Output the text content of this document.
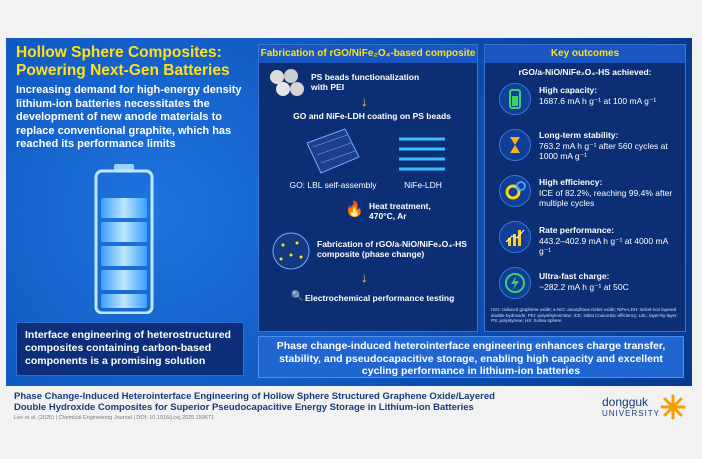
Hollow Sphere Composites:
Powering Next-Gen Batteries
Increasing demand for high-energy density lithium-ion batteries necessitates the development of new anode materials to replace conventional graphite, which has reached its performance limits
Interface engineering of heterostructured composites containing carbon-based components is a promising solution
Fabrication of rGO/NiFe₂O₄-based composite
PS beads functionalization with PEI
↓
GO and NiFe-LDH coating on PS beads
GO: LBL self-assembly	NiFe-LDH
🔥 Heat treatment, 470°C, Ar
Fabrication of rGO/a-NiO/NiFe₂O₄-HS composite (phase change)
↓
🔍 Electrochemical performance testing
Key outcomes
rGO/a-NiO/NiFe₂O₄-HS achieved:
High capacity:
1687.6 mA h g⁻¹ at 100 mA g⁻¹
Long-term stability:
763.2 mA h g⁻¹ after 560 cycles at 1000 mA g⁻¹
High efficiency:
ICE of 82.2%, reaching 99.4% after multiple cycles
Rate performance:
443.2–402.9 mA h g⁻¹ at 4000 mA g⁻¹
Ultra-fast charge:
~282.2 mA h g⁻¹ at 50C
rGO: reduced graphene oxide; a-NiO: amorphous nickel oxide; NiFe-LDH: nickel-iron layered double hydroxide; PEI: polyethylenimine; ICE: initial Coulombic efficiency; LBL: layer-by-layer; PS: polystyrene; HS: hollow sphere
Phase change-induced heterointerface engineering enhances charge transfer, stability, and pseudocapacitive storage, enabling high capacity and excellent cycling performance in lithium-ion batteries
Phase Change-Induced Heterointerface Engineering of Hollow Sphere Structured Graphene Oxide/Layered Double Hydroxide Composites for Superior Pseudocapacitive Energy Storage in Lithium-ion Batteries
Lee et al. (2025) | Chemical Engineering Journal | DOI: 10.1016/j.cej.2025.159671
dongguk
UNIVERSITY
